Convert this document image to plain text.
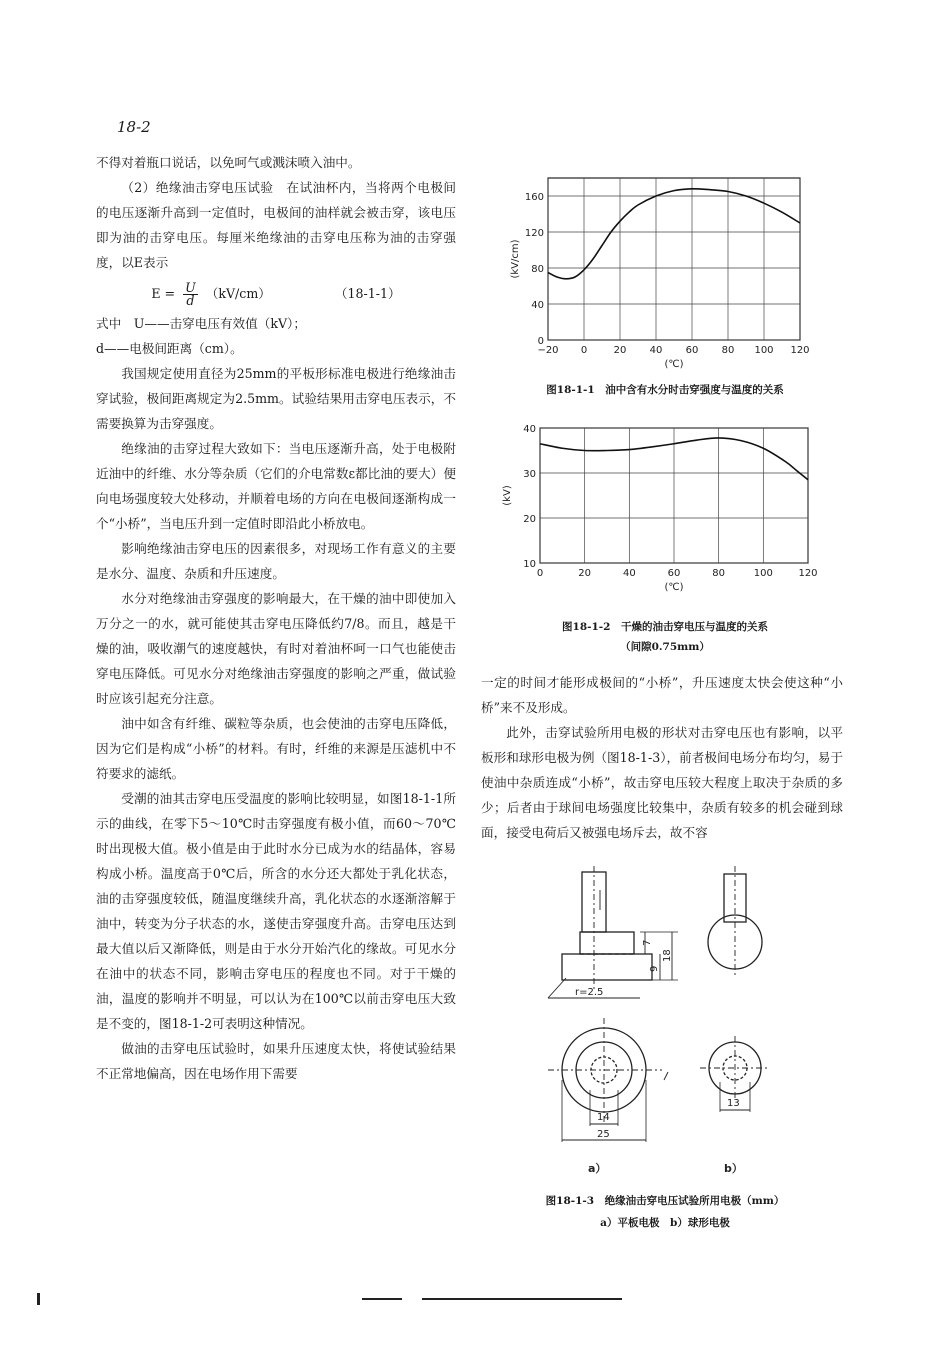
18-2

不得对着瓶口说话，以免呵气或溅沫喷入油中。

（2）绝缘油击穿电压试验　在试油杯内，当将两个电极间的电压逐渐升高到一定值时，电极间的油样就会被击穿，该电压即为油的击穿电压。每厘米绝缘油的击穿电压称为油的击穿强度，以E表示

$E = \frac{U}{d} (kV/cm)$	（18-1-1）

式中　U——击穿电压有效值（kV）；

d——电极间距离（cm）。

我国规定使用直径为25mm的平板形标准电极进行绝缘油击穿试验，极间距离规定为2.5mm。试验结果用击穿电压表示，不需要换算为击穿强度。

绝缘油的击穿过程大致如下：当电压逐渐升高，处于电极附近油中的纤维、水分等杂质（它们的介电常数ε都比油的要大）便向电场强度较大处移动，并顺着电场的方向在电极间逐渐构成一个“小桥”，当电压升到一定值时即沿此小桥放电。

影响绝缘油击穿电压的因素很多，对现场工作有意义的主要是水分、温度、杂质和升压速度。

水分对绝缘油击穿强度的影响最大，在干燥的油中即使加入万分之一的水，就可能使其击穿电压降低约7/8。而且，越是干燥的油，吸收潮气的速度越快，有时对着油杯呵一口气也能使击穿电压降低。可见水分对绝缘油击穿强度的影响之严重，做试验时应该引起充分注意。

油中如含有纤维、碳粒等杂质，也会使油的击穿电压降低，因为它们是构成“小桥”的材料。有时，纤维的来源是压滤机中不符要求的滤纸。

受潮的油其击穿电压受温度的影响比较明显，如图18-1-1所示的曲线，在零下5～10℃时击穿强度有极小值，而60～70℃时出现极大值。极小值是由于此时水分已成为水的结晶体，容易构成小桥。温度高于0℃后，所含的水分还大都处于乳化状态，油的击穿强度较低，随温度继续升高，乳化状态的水逐渐溶解于油中，转变为分子状态的水，遂使击穿强度升高。击穿电压达到最大值以后又渐降低，则是由于水分开始汽化的缘故。可见水分在油中的状态不同，影响击穿电压的程度也不同。对于干燥的油，温度的影响并不明显，可以认为在100℃以前击穿电压大致是不变的，图18-1-2可表明这种情况。

做油的击穿电压试验时，如果升压速度太快，将使试验结果不正常地偏高，因在电场作用下需要

−20 0	20 40 60 80 100 120
0
40
80
120
160
(℃)
(kV/cm)
图18-1-1　油中含有水分时击穿强度与温度的关系
0	20	40	60	80	100	120
10
20
30
40
(℃)
(kV)
图18-1-2　干燥的油击穿电压与温度的关系
（间隙0.75mm）

一定的时间才能形成极间的“小桥”，升压速度太快会使这种“小桥”来不及形成。

此外，击穿试验所用电极的形状对击穿电压也有影响，以平板形和球形电极为例（图18-1-3），前者极间电场分布均匀，易于使油中杂质连成“小桥”，故击穿电压较大程度上取决于杂质的多少；后者由于球间电场强度比较集中，杂质有较多的机会碰到球面，接受电荷后又被强电场斥去，故不容

7
9
18
r=2.5
14
25
13
a）	b）
图18-1-3　绝缘油击穿电压试验所用电极（mm）
a）平板电极　b）球形电极
